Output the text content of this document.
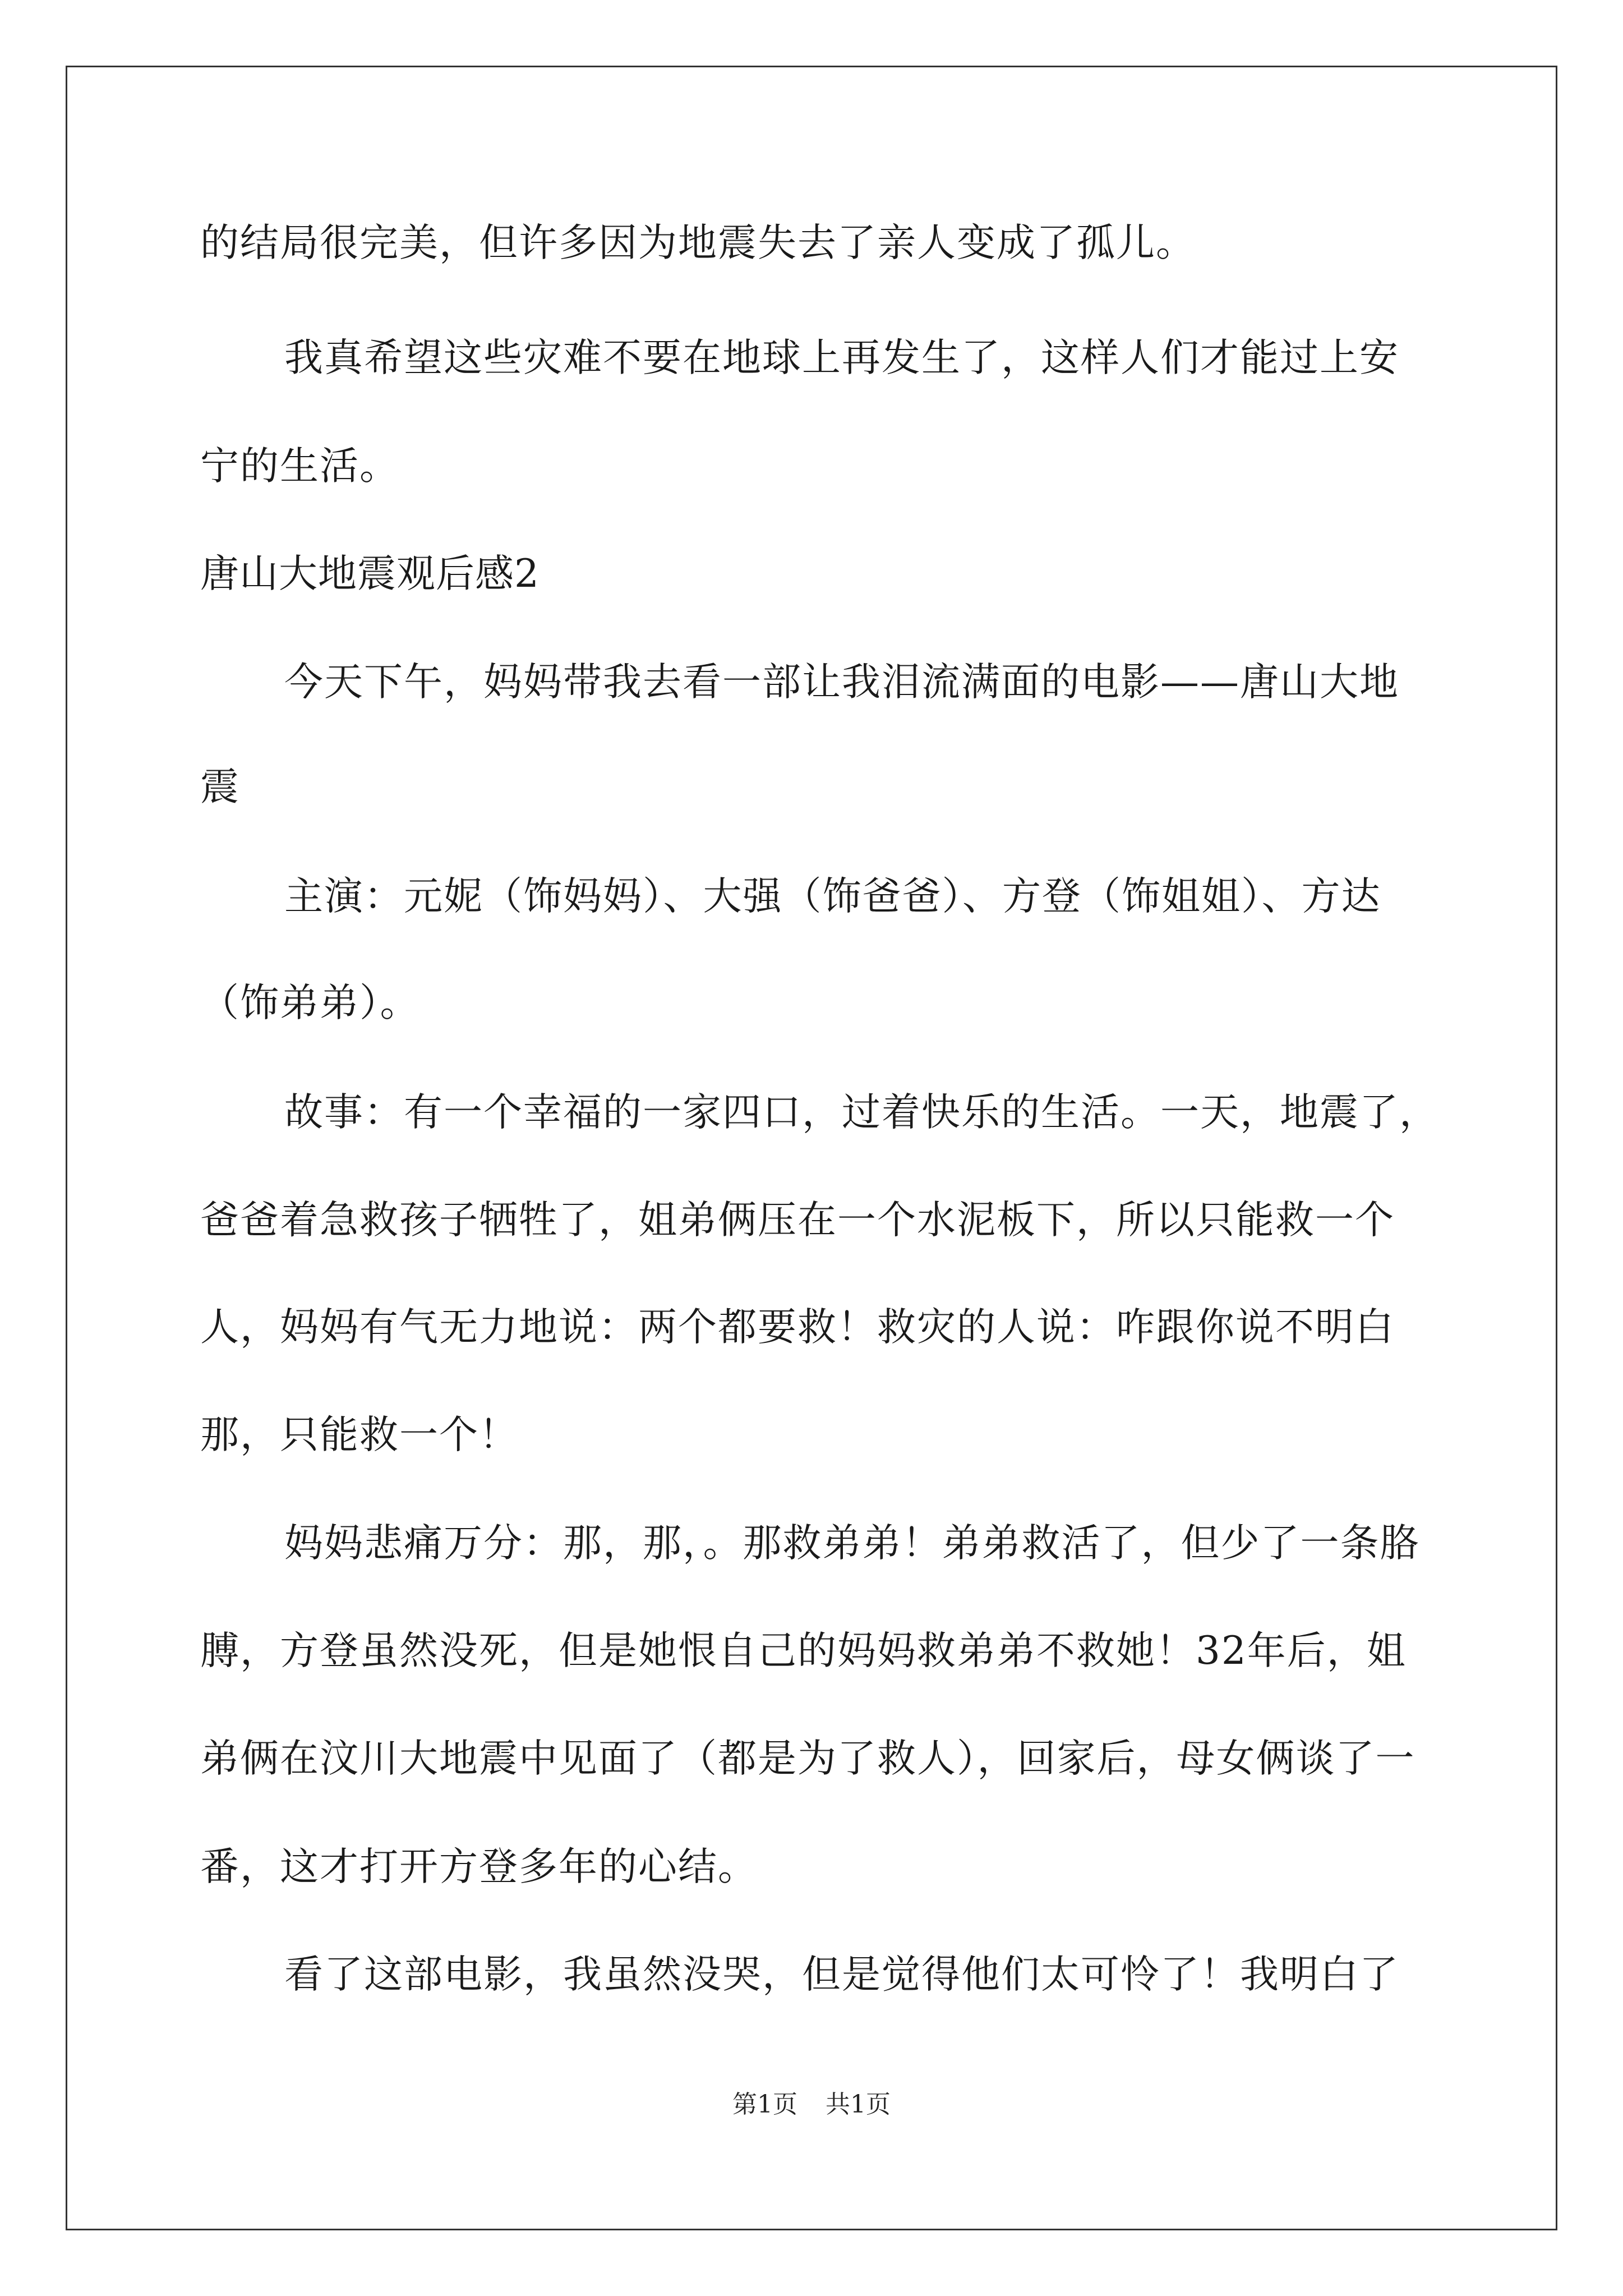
的结局很完美，但许多因为地震失去了亲人变成了孤儿。

我真希望这些灾难不要在地球上再发生了，这样人们才能过上安

宁的生活。

唐山大地震观后感2

今天下午，妈妈带我去看一部让我泪流满面的电影——唐山大地

震

主演：元妮（饰妈妈）、大强（饰爸爸）、方登（饰姐姐）、方达

（饰弟弟）。

故事：有一个幸福的一家四口，过着快乐的生活。一天，地震了，

爸爸着急救孩子牺牲了，姐弟俩压在一个水泥板下，所以只能救一个

人，妈妈有气无力地说：两个都要救！救灾的人说：咋跟你说不明白

那，只能救一个！

妈妈悲痛万分：那，那，。那救弟弟！弟弟救活了，但少了一条胳

膊，方登虽然没死，但是她恨自己的妈妈救弟弟不救她！32年后，姐

弟俩在汶川大地震中见面了（都是为了救人），回家后，母女俩谈了一

番，这才打开方登多年的心结。

看了这部电影，我虽然没哭，但是觉得他们太可怜了！我明白了

第1页 共1页
